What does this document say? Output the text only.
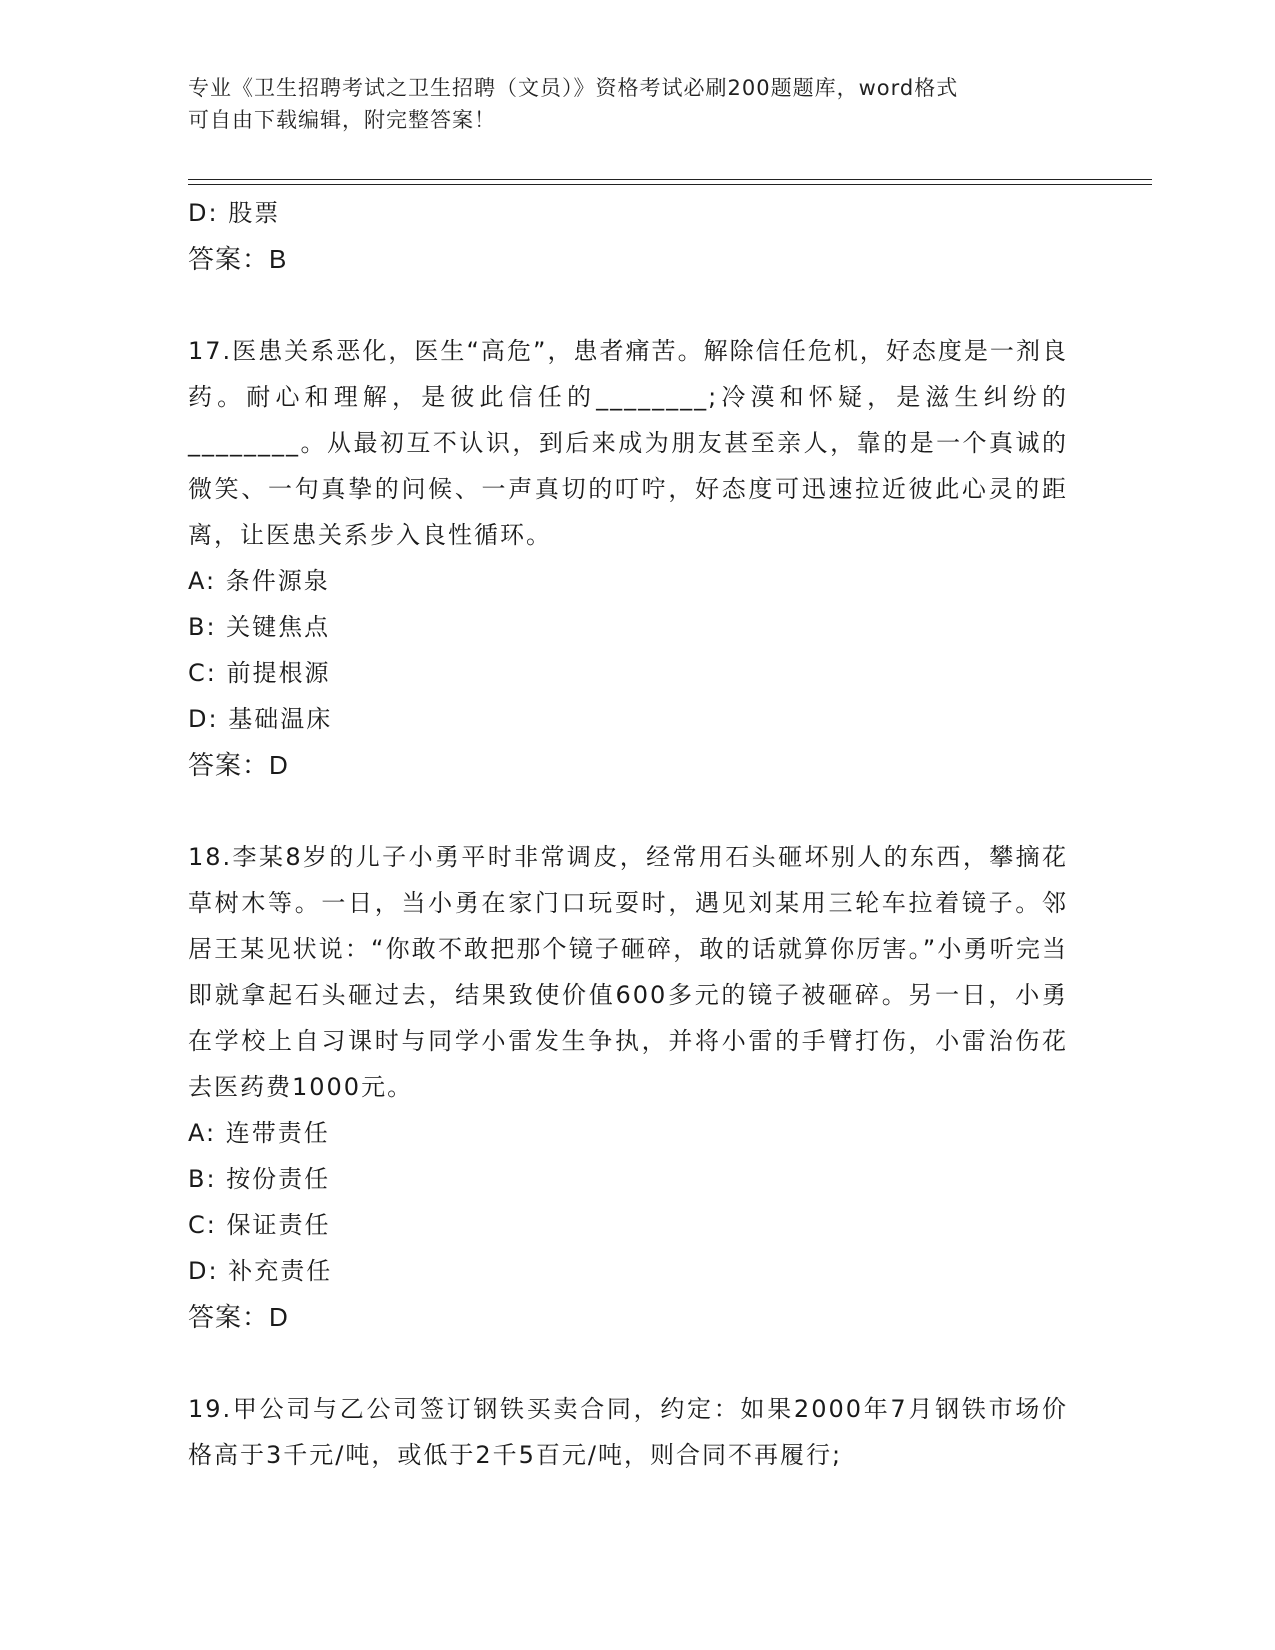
专业《卫生招聘考试之卫生招聘（文员）》资格考试必刷200题题库，word格式
可自由下载编辑，附完整答案！
D: 股票
答案：B
17.医患关系恶化，医生“高危”，患者痛苦。解除信任危机，好态度是一剂良药。耐心和理解，是彼此信任的________;冷漠和怀疑，是滋生纠纷的________。从最初互不认识，到后来成为朋友甚至亲人，靠的是一个真诚的微笑、一句真挚的问候、一声真切的叮咛，好态度可迅速拉近彼此心灵的距离，让医患关系步入良性循环。
A: 条件源泉
B: 关键焦点
C: 前提根源
D: 基础温床
答案：D
18.李某8岁的儿子小勇平时非常调皮，经常用石头砸坏别人的东西，攀摘花草树木等。一日，当小勇在家门口玩耍时，遇见刘某用三轮车拉着镜子。邻居王某见状说：“你敢不敢把那个镜子砸碎，敢的话就算你厉害。”小勇听完当即就拿起石头砸过去，结果致使价值600多元的镜子被砸碎。另一日，小勇在学校上自习课时与同学小雷发生争执，并将小雷的手臂打伤，小雷治伤花去医药费1000元。
A: 连带责任
B: 按份责任
C: 保证责任
D: 补充责任
答案：D
19.甲公司与乙公司签订钢铁买卖合同，约定：如果2000年7月钢铁市场价格高于3千元/吨，或低于2千5百元/吨，则合同不再履行;
